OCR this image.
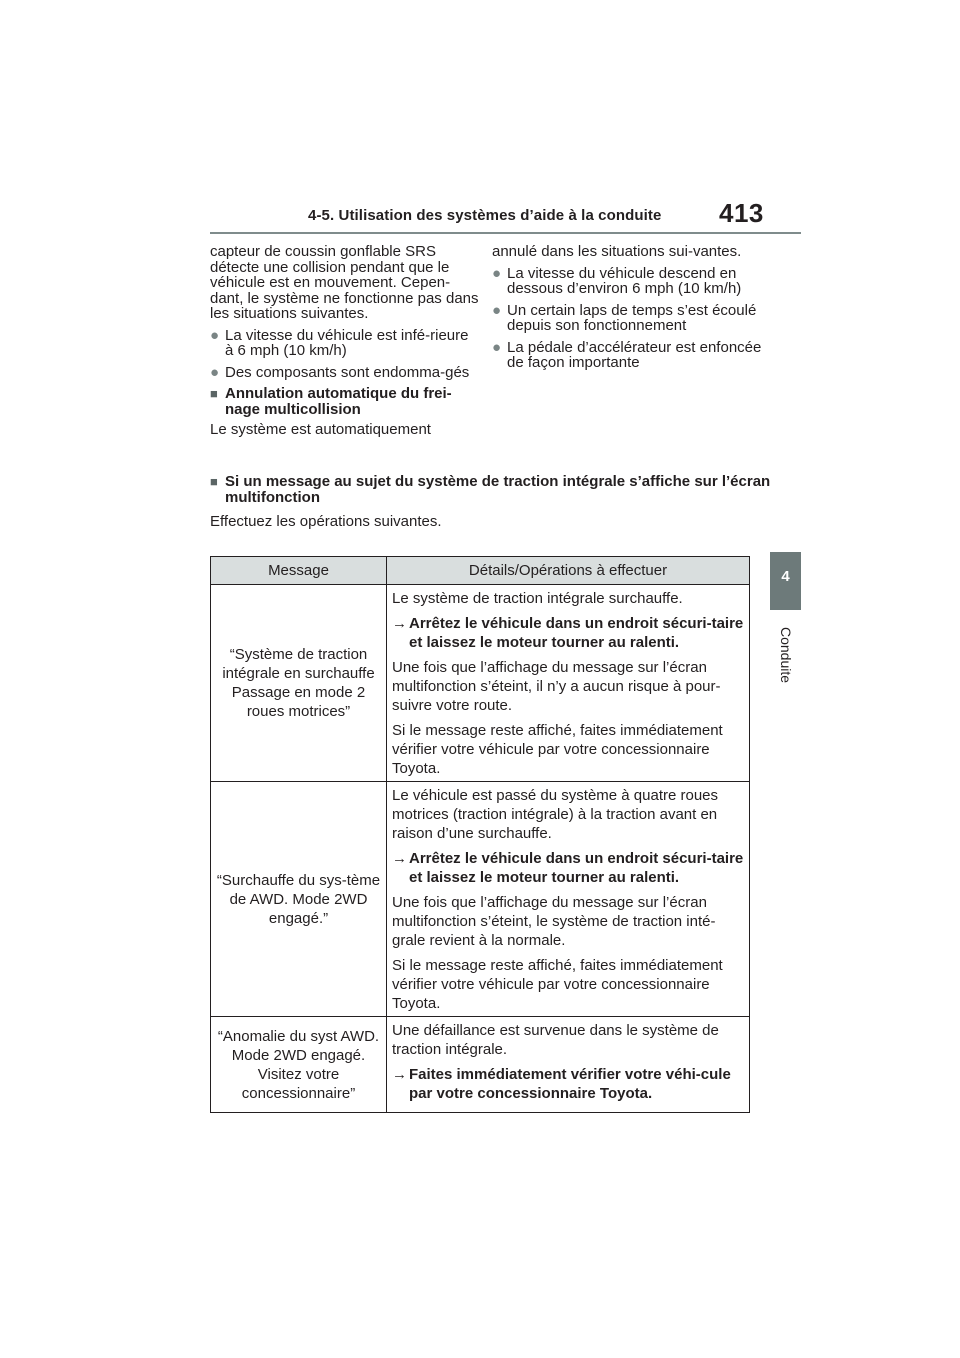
4-5. Utilisation des systèmes d’aide à la conduite 413
4
Conduite

capteur de coussin gonflable SRS détecte une collision pendant que le véhicule est en mouvement. Cepen-dant, le système ne fonctionne pas dans les situations suivantes.

● La vitesse du véhicule est infé-rieure à 6 mph (10 km/h)
● Des composants sont endomma-gés
■ Annulation automatique du frei-nage multicollision

Le système est automatiquement

annulé dans les situations sui-vantes.

● La vitesse du véhicule descend en dessous d’environ 6 mph (10 km/h)
● Un certain laps de temps s’est écoulé depuis son fonctionnement
● La pédale d’accélérateur est enfoncée de façon importante
■ Si un message au sujet du système de traction intégrale s’affiche sur l’écran multifonction
Effectuez les opérations suivantes.
Message	Détails/Opérations à effectuer
“Système de traction intégrale en surchauffe Passage en mode 2 roues motrices”	Le système de traction intégrale surchauffe.
→ Arrêtez le véhicule dans un endroit sécuri-taire et laissez le moteur tourner au ralenti.
Une fois que l’affichage du message sur l’écran multifonction s’éteint, il n’y a aucun risque à pour-suivre votre route.
Si le message reste affiché, faites immédiatement vérifier votre véhicule par votre concessionnaire Toyota.

“Surchauffe du sys-tème de AWD. Mode 2WD engagé.”	Le véhicule est passé du système à quatre roues motrices (traction intégrale) à la traction avant en raison d’une surchauffe.
→ Arrêtez le véhicule dans un endroit sécuri-taire et laissez le moteur tourner au ralenti.
Une fois que l’affichage du message sur l’écran multifonction s’éteint, le système de traction inté-grale revient à la normale.
Si le message reste affiché, faites immédiatement vérifier votre véhicule par votre concessionnaire Toyota.

“Anomalie du syst AWD. Mode 2WD engagé. Visitez votre concessionnaire”	Une défaillance est survenue dans le système de traction intégrale.
→ Faites immédiatement vérifier votre véhi-cule par votre concessionnaire Toyota.
